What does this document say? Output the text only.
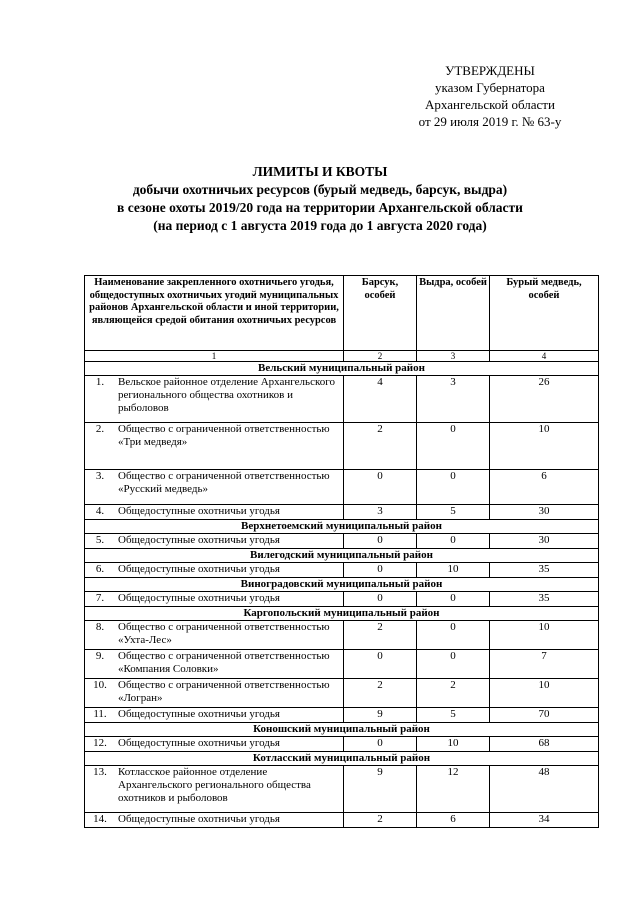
УТВЕРЖДЕНЫ
указом Губернатора
Архангельской области
от 29 июля 2019 г. № 63-у
ЛИМИТЫ И КВОТЫ
добычи охотничьих ресурсов (бурый медведь, барсук, выдра)
в сезоне охоты 2019/20 года на территории Архангельской области
(на период с 1 августа 2019 года до 1 августа 2020 года)
Наименование закрепленного охотничьего угодья, общедоступных охотничьих угодий муниципальных районов Архангельской области и иной территории, являющейся средой обитания охотничьих ресурсов	Барсук, особей	Выдра, особей	Бурый медведь, особей
1	2	3	4
Вельский муниципальный район			

1. Вельское районное отделение Архангельского регионального общества охотников и рыболовов	4	3	26

2. Общество с ограниченной ответственностью «Три медведя»	2	0	10

3. Общество с ограниченной ответственностью «Русский медведь»	0	0	6

4. Общедоступные охотничьи угодья	3	5	30
Верхнетоемский муниципальный район			

5. Общедоступные охотничьи угодья	0	0	30
Вилегодский муниципальный район			

6. Общедоступные охотничьи угодья	0	10	35
Виноградовский муниципальный район			

7. Общедоступные охотничьи угодья	0	0	35
Каргопольский муниципальный район			

8. Общество с ограниченной ответственностью «Ухта-Лес»	2	0	10

9. Общество с ограниченной ответственностью «Компания Соловки»	0	0	7

10. Общество с ограниченной ответственностью «Логран»	2	2	10

11. Общедоступные охотничьи угодья	9	5	70
Коношский муниципальный район			

12. Общедоступные охотничьи угодья	0	10	68
Котласский муниципальный район			

13. Котласское районное отделение Архангельского регионального общества охотников и рыболовов	9	12	48

14. Общедоступные охотничьи угодья	2	6	34
